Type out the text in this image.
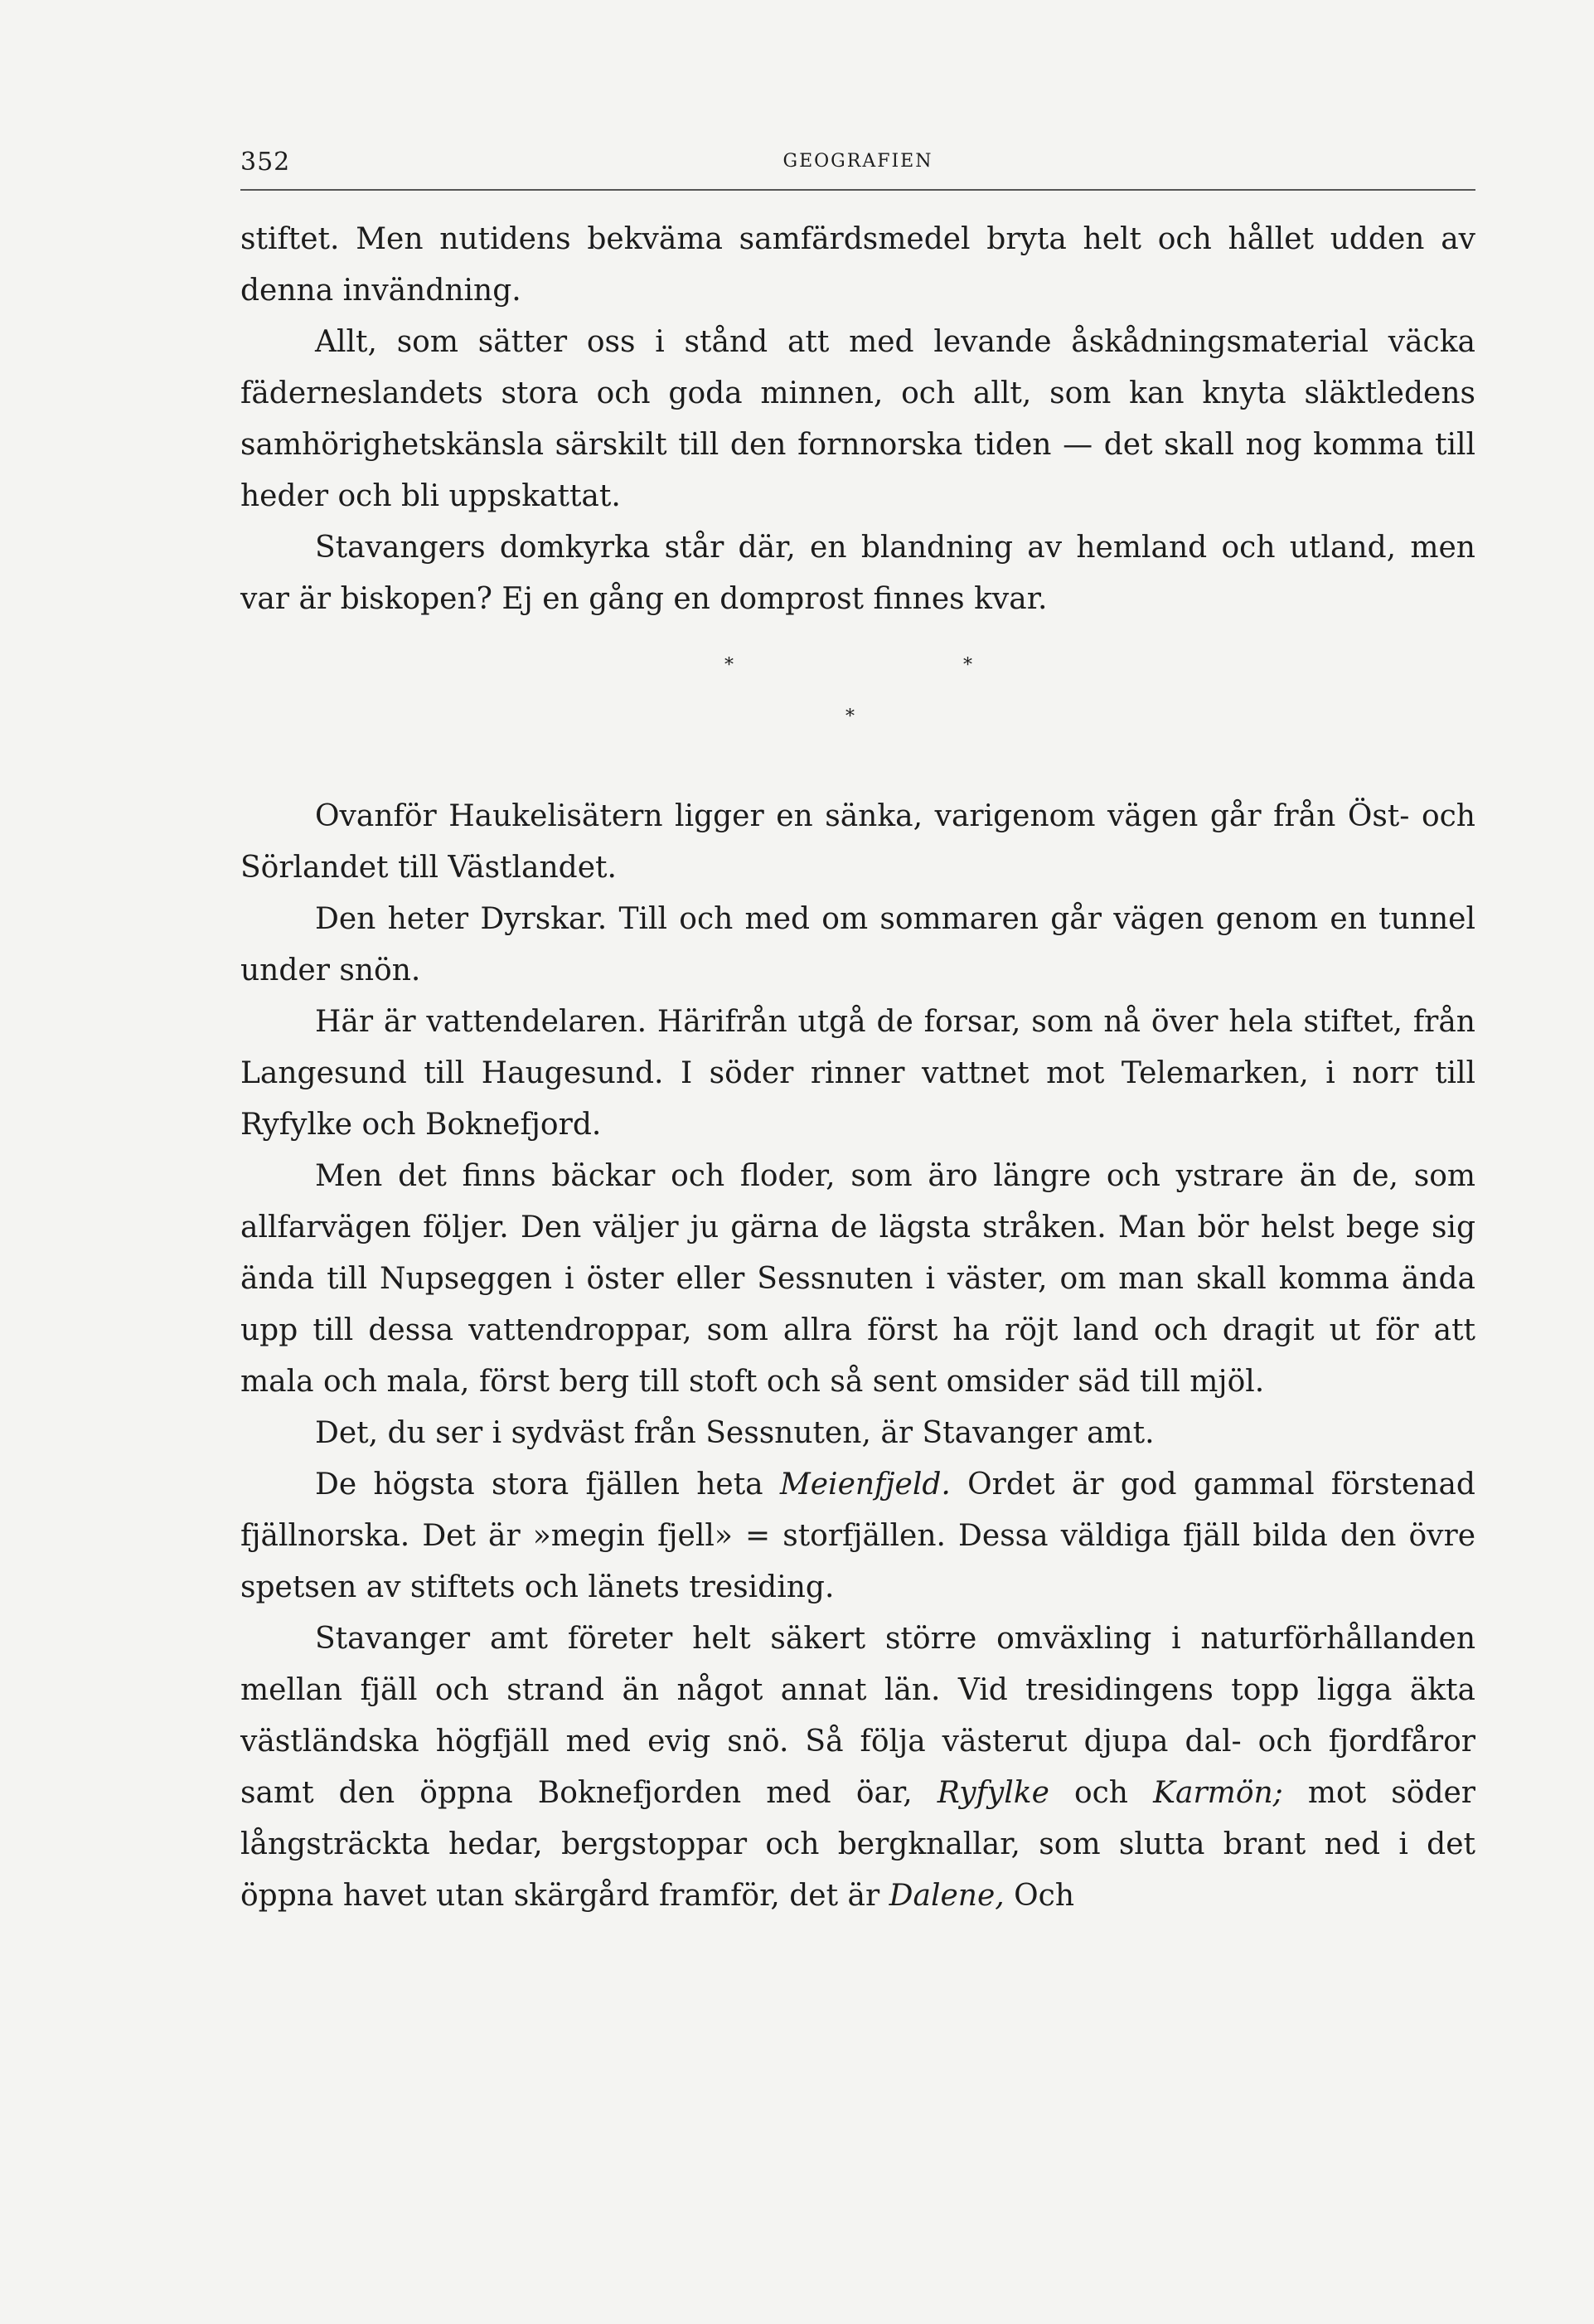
352	GEOGRAFIEN

stiftet. Men nutidens bekväma samfärdsmedel bryta helt och hållet udden av denna invändning.

Allt, som sätter oss i stånd att med levande åskådningsmaterial väcka fäderneslandets stora och goda minnen, och allt, som kan knyta släktledens samhörighetskänsla särskilt till den fornnorska tiden — det skall nog komma till heder och bli uppskattat.

Stavangers domkyrka står där, en blandning av hemland och utland, men var är biskopen? Ej en gång en domprost finnes kvar.

*	*
*

Ovanför Haukelisätern ligger en sänka, varigenom vägen går från Öst- och Sörlandet till Västlandet.

Den heter Dyrskar. Till och med om sommaren går vägen genom en tunnel under snön.

Här är vattendelaren. Härifrån utgå de forsar, som nå över hela stiftet, från Langesund till Haugesund. I söder rinner vattnet mot Telemarken, i norr till Ryfylke och Boknefjord.

Men det finns bäckar och floder, som äro längre och ystrare än de, som allfarvägen följer. Den väljer ju gärna de lägsta stråken. Man bör helst bege sig ända till Nupseggen i öster eller Sessnuten i väster, om man skall komma ända upp till dessa vattendroppar, som allra först ha röjt land och dragit ut för att mala och mala, först berg till stoft och så sent omsider säd till mjöl.

Det, du ser i sydväst från Sessnuten, är Stavanger amt.

De högsta stora fjällen heta Meienfjeld. Ordet är god gammal förstenad fjällnorska. Det är »megin fjell» = storfjällen. Dessa väldiga fjäll bilda den övre spetsen av stiftets och länets tresiding.

Stavanger amt företer helt säkert större omväxling i naturförhållanden mellan fjäll och strand än något annat län. Vid tresidingens topp ligga äkta västländska högfjäll med evig snö. Så följa västerut djupa dal- och fjordfåror samt den öppna Boknefjorden med öar, Ryfylke och Karmön; mot söder långsträckta hedar, bergstoppar och bergknallar, som slutta brant ned i det öppna havet utan skärgård framför, det är Dalene, Och
